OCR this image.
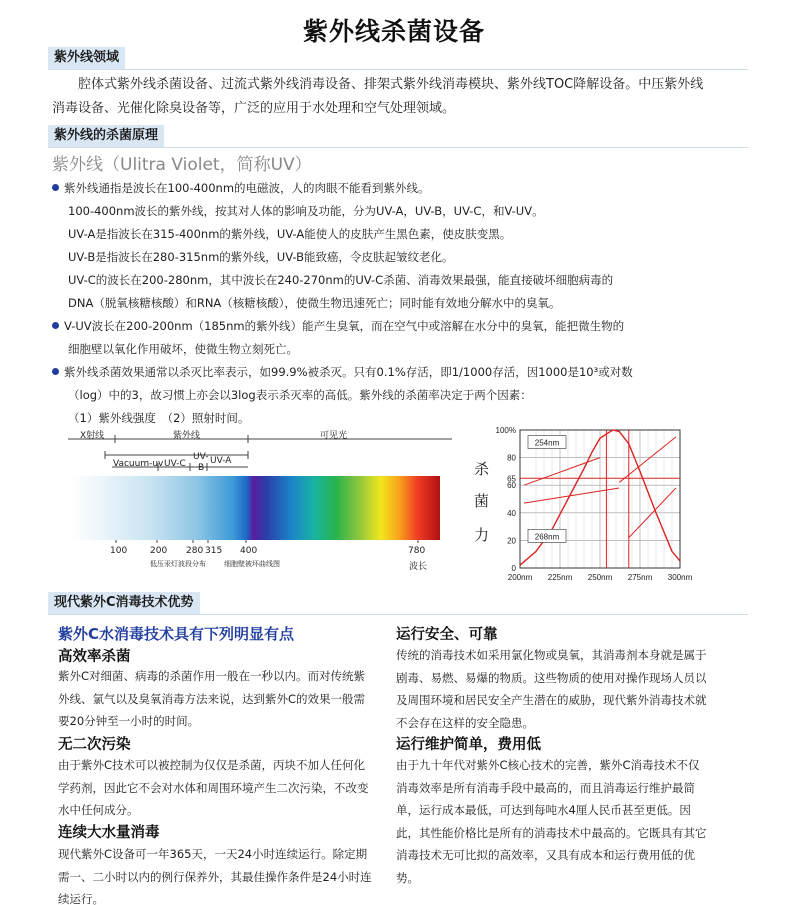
紫外线杀菌设备
紫外线领域
腔体式紫外线杀菌设备、过流式紫外线消毒设备、排架式紫外线消毒模块、紫外线TOC降解设备。中压紫外线
消毒设备、光催化除臭设备等，广泛的应用于水处理和空气处理领域。
紫外线的杀菌原理
紫外线（Ulitra Violet，简称UV）
紫外线通指是波长在100-400nm的电磁波，人的肉眼不能看到紫外线。
100-400nm波长的紫外线，按其对人体的影响及功能，分为UV-A，UV-B，UV-C，和V-UV。
UV-A是指波长在315-400nm的紫外线，UV-A能使人的皮肤产生黑色素，使皮肤变黑。
UV-B是指波长在280-315nm的紫外线，UV-B能致癌，令皮肤起皱纹老化。
UV-C的波长在200-280nm，其中波长在240-270nm的UV-C杀菌、消毒效果最强，能直接破坏细胞病毒的
DNA（脱氧核糖核酸）和RNA（核糖核酸），使微生物迅速死亡；同时能有效地分解水中的臭氧。
V-UV波长在200-200nm（185nm的紫外线）能产生臭氧，而在空气中或溶解在水分中的臭氧，能把微生物的
细胞壁以氧化作用破坏，使微生物立刻死亡。
紫外线杀菌效果通常以杀灭比率表示，如99.9%被杀灭。只有0.1%存活，即1/1000存活，因1000是10³或对数
（log）中的3，故习惯上亦会以3log表示杀灭率的高低。紫外线的杀菌率决定于两个因素：
（1）紫外线强度　（2）照射时间。
X射线	紫外线	可见光
Vacuum-uv UV-C
UV-
B
UV-A
100	200 280 315 400	780
低压汞灯波段分布	细胞壁被坏曲线图	波长
杀
菌
力
0
20
40
60
65
80
100%
200nm 225nm 250nm 275nm 300nm
254nm
268nm
现代紫外C消毒技术优势
紫外C水消毒技术具有下列明显有点
高效率杀菌
紫外C对细菌、病毒的杀菌作用一般在一秒以内。而对传统紫
外线、氯气以及臭氧消毒方法来说，达到紫外C的效果一般需
要20分钟至一小时的时间。
无二次污染
由于紫外C技术可以被控制为仅仅是杀菌，丙块不加人任何化
学药剂，因此它不会对水体和周围环境产生二次污染，不改变
水中任何成分。
连续大水量消毒
现代紫外C设备可一年365天，一天24小时连续运行。除定期
需一、二小时以内的例行保养外，其最佳操作条件是24小时连
续运行。
运行安全、可靠
传统的消毒技术如采用氯化物或臭氧，其消毒剂本身就是属于
剧毒、易燃、易爆的物质。这些物质的使用对操作现场人员以
及周围环境和居民安全产生潜在的威胁，现代紫外消毒技术就
不会存在这样的安全隐患。
运行维护简单，费用低
由于九十年代对紫外C核心技术的完善，紫外C消毒技术不仅
消毒效率是所有消毒手段中最高的，而且消毒运行维护最简
单，运行成本最低，可达到每吨水4厘人民币甚至更低。因
此，其性能价格比是所有的消毒技术中最高的。它既具有其它
消毒技术无可比拟的高效率，又具有成本和运行费用低的优
势。
